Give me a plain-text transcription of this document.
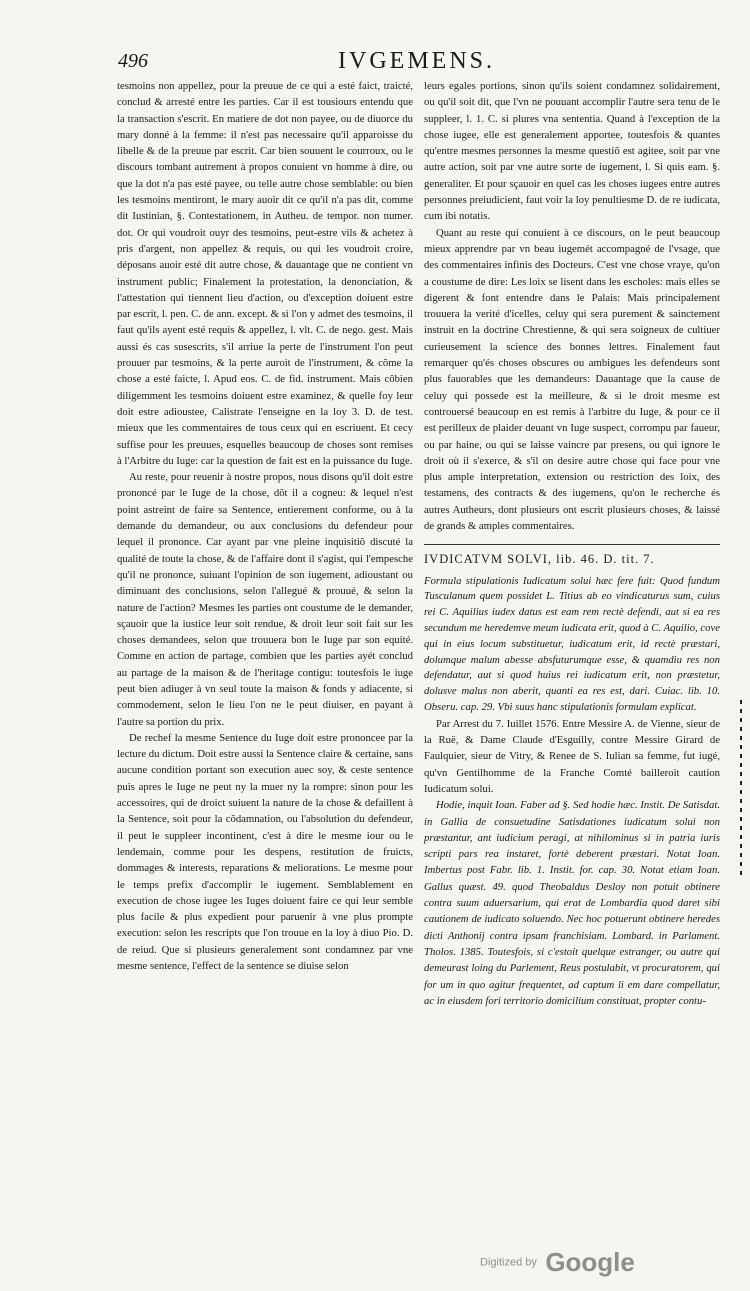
496	IVGEMENS.

tesmoins non appellez, pour la preuue de ce qui a esté faict, traicté, conclud & arresté entre les parties. Car il est tousiours entendu que la transaction s'escrit. En matiere de dot non payee, ou de diuorce du mary donné à la femme: il n'est pas necessaire qu'il apparoisse du libelle & de la preuue par escrit. Car bien souuent le courroux, ou le discours tombant autrement à propos conuient vn homme à dire, ou que la dot n'a pas esté payee, ou telle autre chose semblable: ou bien les tesmoins mentiront, le mary auoir dit ce qu'il n'a pas dit, comme dit Iustinian, §. Contestationem, in Autheu. de tempor. non numer. dot. Or qui voudroit ouyr des tesmoins, peut-estre vils & achetez à pris d'argent, non appellez & requis, ou qui les voudroit croire, déposans auoir esté dit autre chose, & dauantage que ne contient vn instrument public; Finalement la protestation, la denonciation, & l'attestation qui tiennent lieu d'action, ou d'exception doiuent estre par escrit, l. pen. C. de ann. except. & si l'on y admet des tesmoins, il faut qu'ils ayent esté requis & appellez, l. vlt. C. de nego. gest. Mais aussi és cas susescrits, s'il arriue la perte de l'instrument l'on peut prouuer par tesmoins, & la perte auroit de l'instrument, & cõme la chose a esté faicte, l. Apud eos. C. de fid. instrument. Mais côbien diligemment les tesmoins doiuent estre examinez, & quelle foy leur doit estre adioustee, Calistrate l'enseigne en la loy 3. D. de test. mieux que les commentaires de tous ceux qui en escriuent. Et cecy suffise pour les preuues, esquelles beaucoup de choses sont remises à l'Arbitre du Iuge: car la question de fait est en la puissance du Iuge.

Au reste, pour reuenir à nostre propos, nous disons qu'il doit estre prononcé par le Iuge de la chose, dõt il a cogneu: & lequel n'est point astreint de faire sa Sentence, entierement conforme, ou à la demande du demandeur, ou aux conclusions du defendeur pour lequel il prononce. Car ayant par vne pleine inquisitiõ discuté la qualité de toute la chose, & de l'affaire dont il s'agist, qui l'empesche qu'il ne prononce, suiuant l'opinion de son iugement, adioustant ou diminuant des conclusions, selon l'allegué & prouué, & selon la nature de l'action? Mesmes les parties ont coustume de le demander, sçauoir que la iustice leur soit rendue, & droit leur soit fait sur les choses demandees, selon que trouuera bon le Iuge par son equité. Comme en action de partage, combien que les parties ayét conclud au partage de la maison & de l'heritage contigu: toutesfois le iuge peut bien adiuger à vn seul toute la maison & fonds y adiacente, si commodement, selon le lieu l'on ne le peut diuiser, en payant à l'autre sa portion du prix.

De rechef la mesme Sentence du Iuge doit estre prononcee par la lecture du dictum. Doit estre aussi la Sentence claire & certaine, sans aucune condition portant son execution auec soy, & ceste sentence puis apres le Iuge ne peut ny la muer ny la rompre: sinon pour les accessoires, qui de droict suiuent la nature de la chose & defaillent à la Sentence, soit pour la cõdamnation, ou l'absolution du defendeur, il peut le suppleer incontinent, c'est à dire le mesme iour ou le lendemain, comme pour les despens, restitution de fruicts, dommages & interests, reparations & meliorations. Le mesme pour le temps prefix d'accomplir le iugement. Semblablement en execution de chose iugee les Iuges doiuent faire ce qui leur semble plus facile & plus expedient pour paruenir à vne plus prompte execution: selon les rescripts que l'on trouue en la loy à diuo Pio. D. de reiud. Que si plusieurs generalement sont condamnez par vne mesme sentence, l'effect de la sentence se diuise selon

leurs egales portions, sinon qu'ils soient condamnez solidairement, ou qu'il soit dit, que l'vn ne pouuant accomplir l'autre sera tenu de le suppleer, l. 1. C. si plures vna sententia. Quand à l'exception de la chose iugee, elle est generalement apportee, toutesfois & quantes qu'entre mesmes personnes la mesme questiõ est agitee, soit par vne autre action, soit par vne autre sorte de iugement, l. Si quis eam. §. generaliter. Et pour sçauoir en quel cas les choses iugees entre autres personnes preiudicient, faut voir la loy penultiesme D. de re iudicata, cum ibi notatis.

Quant au reste qui conuient à ce discours, on le peut beaucoup mieux apprendre par vn beau iugemét accompagné de l'vsage, que des commentaires infinis des Docteurs. C'est vne chose vraye, qu'on a coustume de dire: Les loix se lisent dans les escholes: mais elles se digerent & font entendre dans le Palais: Mais principalement trouuera la verité d'icelles, celuy qui sera purement & sainctement instruit en la doctrine Chrestienne, & qui sera soigneux de cultiuer curieusement la science des bonnes lettres. Finalement faut remarquer qu'és choses obscures ou ambigues les defendeurs sont plus fauorables que les demandeurs: Dauantage que la cause de celuy qui possede est la meilleure, & si le droit mesme est controuersé beaucoup en est remis à l'arbitre du Iuge, & pour ce il est perilleux de plaider deuant vn Iuge suspect, corrompu par faueur, ou par haine, ou qui se laisse vaincre par presens, ou qui ignore le droit où il s'exerce, & s'il on desire autre chose qui face pour vne plus ample interpretation, extension ou restriction des loix, des testamens, des contracts & des iugemens, qu'on le recherche és autres Autheurs, dont plusieurs ont escrit plusieurs choses, & laissé de grands & amples commentaires.

IVDICATVM SOLVI, lib. 46. D. tit. 7.

Formula stipulationis Iudicatum solui hæc fere fuit: Quod fundum Tusculanum quem possidet L. Titius ab eo vindicaturus sum, cuius rei C. Aquilius iudex datus est eam rem rectè defendi, aut si ea res secundum me heredemve meum iudicata erit, quod à C. Aquilio, cove qui in eius locum substituetur, iudicatum erit, id rectè præstari, dolumque malum abesse absfuturumque esse, & quamdiu res non defendatur, aut si quod huius rei iudicatum erit, non præstetur, dolusve malus non aberit, quanti ea res est, dari. Cuiac. lib. 10. Obseru. cap. 29. Vbi suus hanc stipulationis formulam explicat.

Par Arrest du 7. Iuillet 1576. Entre Messire A. de Vienne, sieur de la Ruë, & Dame Claude d'Esguilly, contre Messire Girard de Faulquier, sieur de Vitry, & Renee de S. Iulian sa femme, fut iugé, qu'vn Gentilhomme de la Franche Comté bailleroit caution Iudicatum solui.

Hodie, inquit Ioan. Faber ad §. Sed hodie hæc. Instit. De Satisdat. in Gallia de consuetudine Satisdationes iudicatum solui non præstantur, ant iudicium peragi, at nihilominus si in patria iuris scripti pars rea instaret, fortè deberent præstari. Notat Ioan. Imbertus post Fabr. lib. 1. Instit. for. cap. 30. Notat etiam Ioan. Gallus quæst. 49. quod Theobaldus Desloy non potuit obtinere contra suum aduersarium, qui erat de Lombardia quod daret sibi cautionem de iudicato soluendo. Nec hoc potuerunt obtinere heredes dicti Anthonij contra ipsam franchisiam. Lombard. in Parlament. Tholos. 1385. Toutesfois, si c'estoit quelque estranger, ou autre qui demeurast loing du Parlement, Reus postulabit, vt procuratorem, qui for um in quo agitur frequentet, ad captum li em dare compellatur, ac in eiusdem fori territorio domicilium constituat, propter contu-

Digitized by Google
